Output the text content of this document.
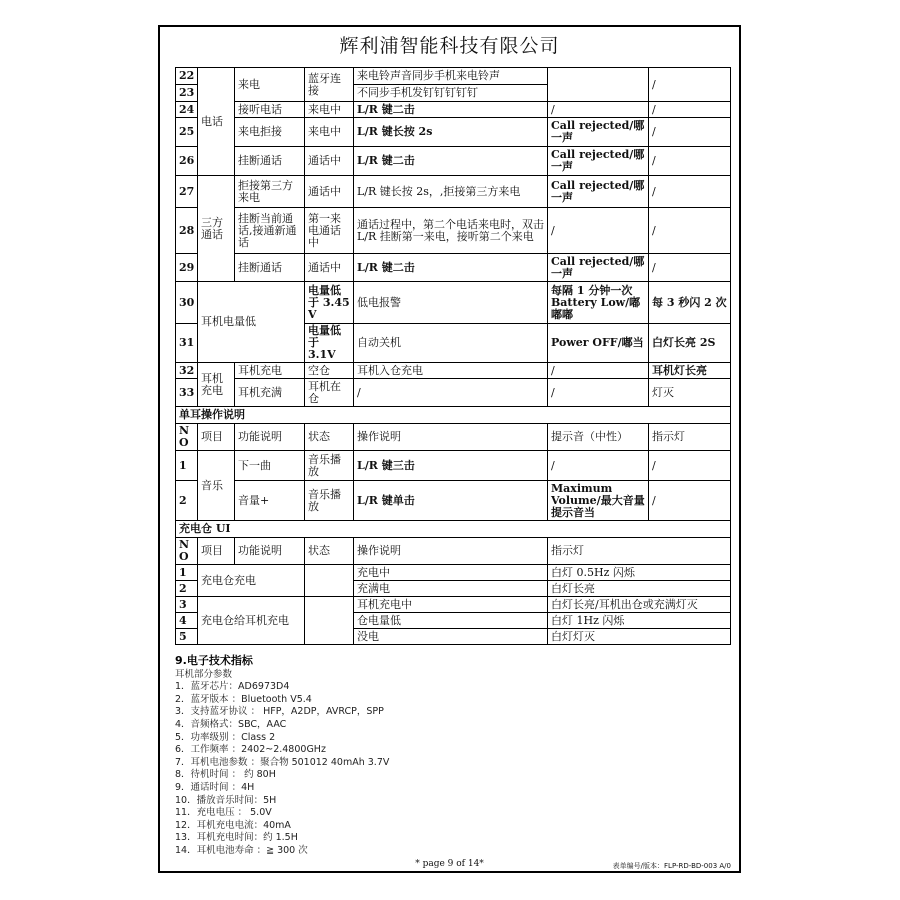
辉利浦智能科技有限公司
22	电话	来电	蓝牙连接	来电铃声音同步手机来电铃声		/
23				不同步手机发钉钉钉钉钉		
24		接听电话	来电中	L/R 键二击	/	/
25		来电拒接	来电中	L/R 键长按 2s	Call rejected/哪一声	/
26		挂断通话	通话中	L/R 键二击	Call rejected/哪一声	/
27	三方通话	拒接第三方来电	通话中	L/R 键长按 2s，,拒接第三方来电	Call rejected/哪一声	/
28		挂断当前通话,接通新通话	第一来电通话中	通话过程中，第二个电话来电时，双击 L/R 挂断第一来电，接听第二个来电	/	/
29		挂断通话	通话中	L/R 键二击	Call rejected/哪一声	/
30	耳机电量低		电量低于 3.45 V	低电报警	每隔 1 分钟一次 Battery Low/嘟嘟嘟	每 3 秒闪 2 次
31			电量低于 3.1V	自动关机	Power OFF/嘟当	白灯长亮 2S
32	耳机充电	耳机充电	空仓	耳机入仓充电	/	耳机灯长亮
33		耳机充满	耳机在仓	/	/	灯灭
单耳操作说明						
N O	项目	功能说明	状态	操作说明	提示音（中性）	指示灯
1	音乐	下一曲	音乐播放	L/R 键三击	/	/
2		音量+	音乐播放	L/R 键单击	Maximum Volume/最大音量提示音当	/
充电仓 UI						
N O	项目	功能说明	状态	操作说明	指示灯	
1	充电仓充电			充电中	白灯 0.5Hz 闪烁	
2				充满电	白灯长亮	
3	充电仓给耳机充电			耳机充电中	白灯长亮/耳机出仓或充满灯灭	
4				仓电量低	白灯 1Hz 闪烁	
5				没电	白灯灯灭	
9.电子技术指标
耳机部分参数
1．蓝牙芯片：AD6973D4
2．蓝牙版本 ：Bluetooth V5.4
3．支持蓝牙协议 ： HFP，A2DP，AVRCP，SPP
4．音频格式：SBC，AAC
5．功率级别 ：Class 2
6．工作频率 ：2402~2.4800GHz
7．耳机电池参数 ：聚合物 501012 40mAh 3.7V
8．待机时间 ： 约 80H
9．通话时间 ：4H
10．播放音乐时间：5H
11．充电电压 ： 5.0V
12．耳机充电电流：40mA
13．耳机充电时间：约 1.5H
14．耳机电池寿命 ：≧ 300 次
* page 9 of 14*	表单编号/版本：FLP-RD-BD-003 A/0
